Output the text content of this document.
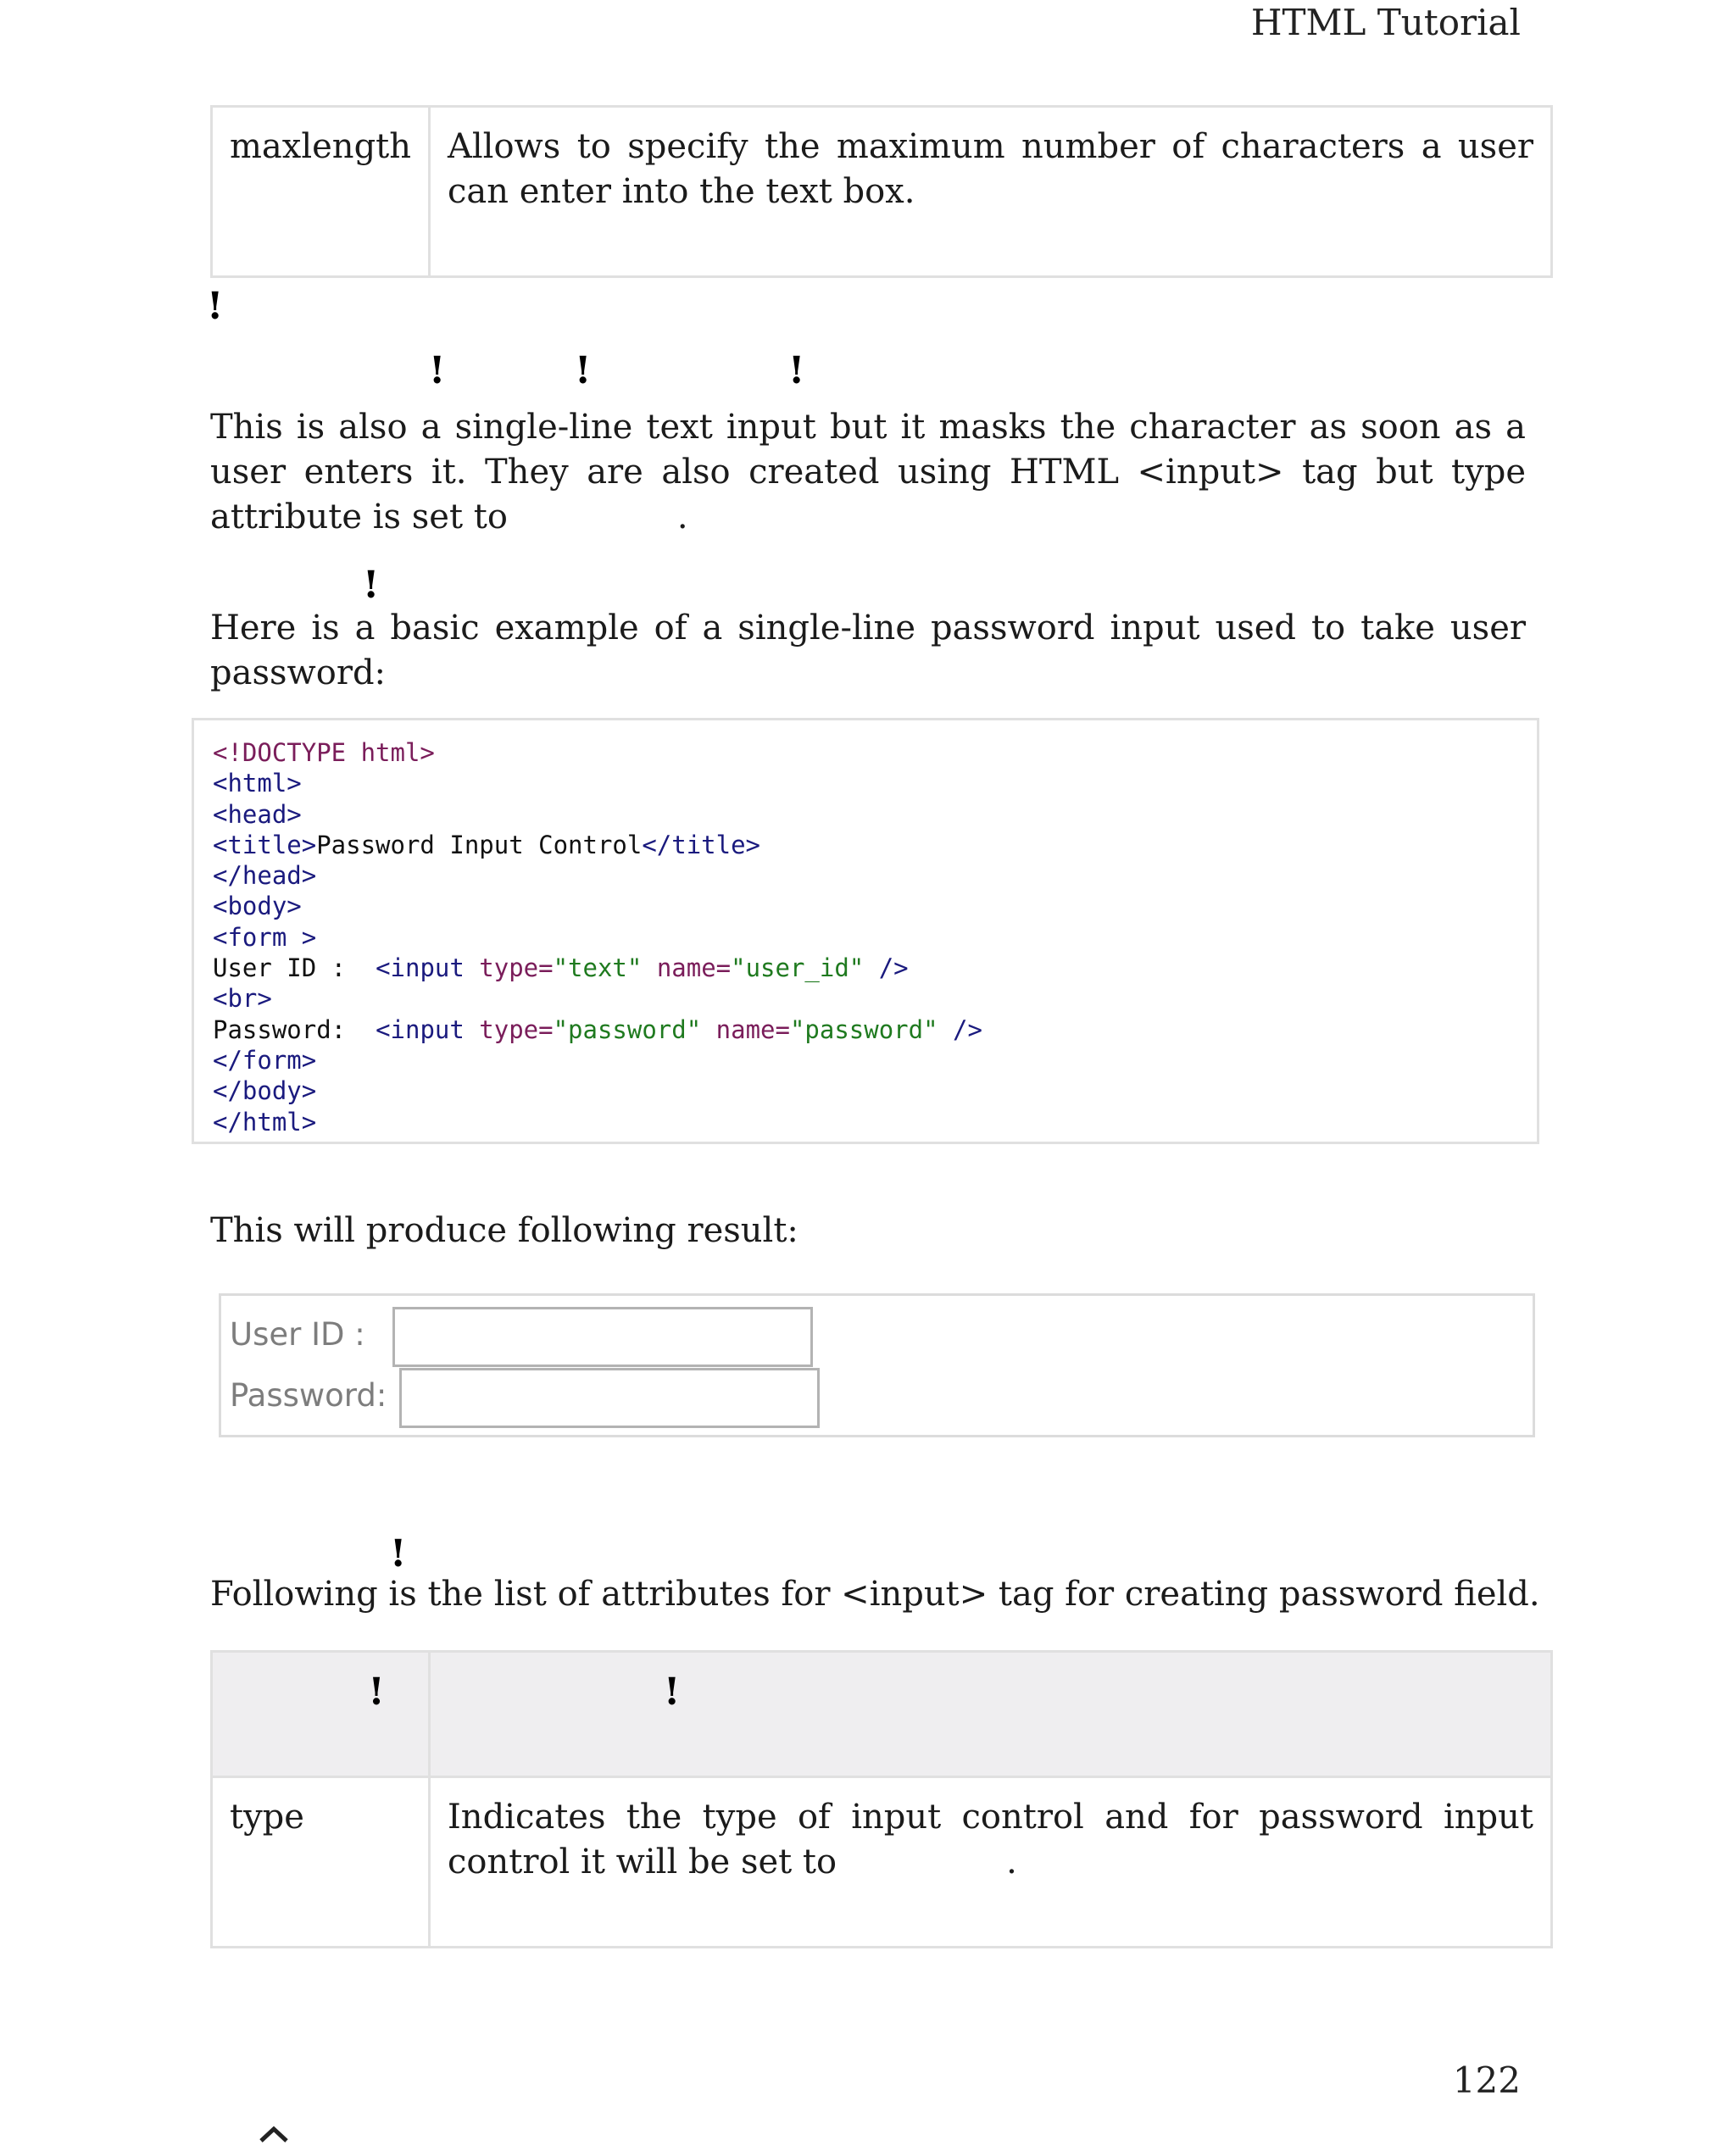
HTML Tutorial
maxlength	Allows to specify the maximum number of characters a user can enter into the text box.
!
!	!	!
This is also a single-line text input but it masks the character as soon as a user enters it. They are also created using HTML <input> tag but type attribute is set to	.
!
Here is a basic example of a single-line password input used to take user password:
<!DOCTYPE html>
<html>
<head>
<title>Password Input Control</title>
</head>
<body>
<form >
User ID :  <input type="text" name="user_id" />
<br>
Password:  <input type="password" name="password" />
</form>
</body>
</html>
This will produce following result:
User ID :
Password:
!
Following is the list of attributes for <input> tag for creating password field.
!	!
type	Indicates the type of input control and for password input control it will be set to .
122
